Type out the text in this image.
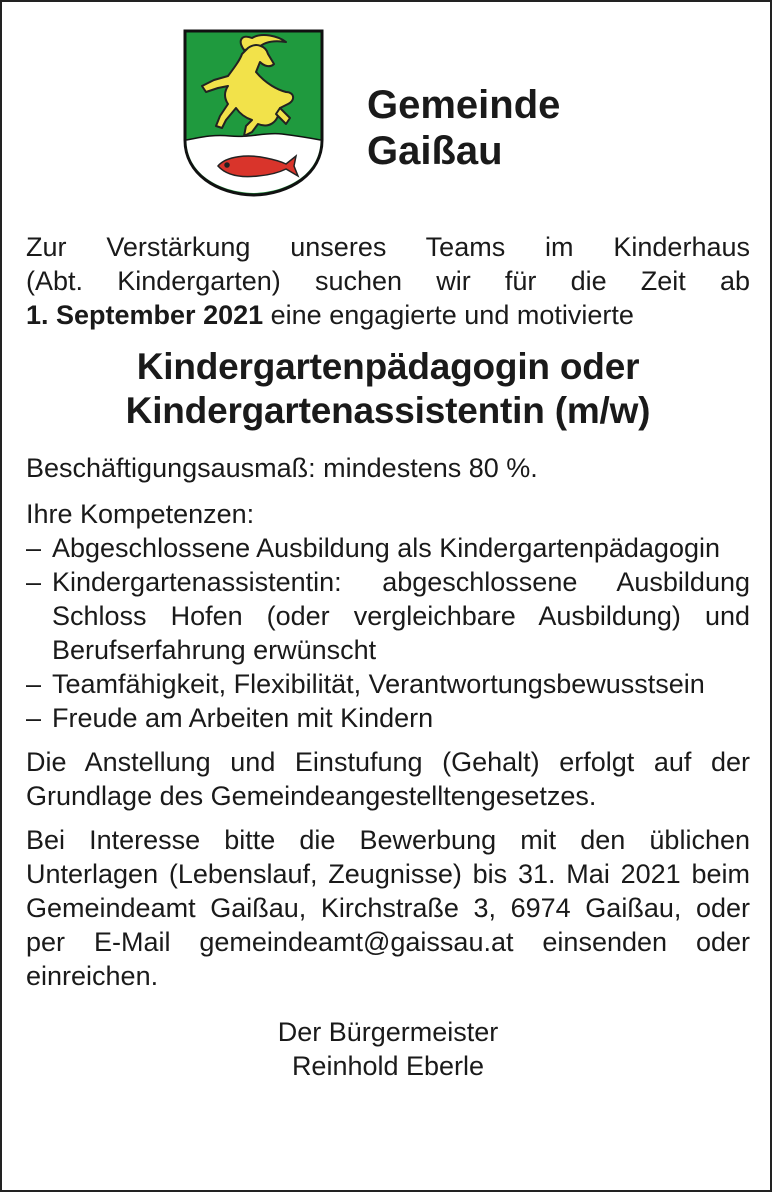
Gemeinde
Gaißau
Zur Verstärkung unseres Teams im Kinderhaus
(Abt. Kindergarten) suchen wir für die Zeit ab
1. September 2021 eine engagierte und motivierte
Kindergartenpädagogin oder
Kindergartenassistentin (m/w)

Beschäftigungsausmaß: mindestens 80 %.

Ihre Kompetenzen:

– Abgeschlossene Ausbildung als Kindergartenpädagogin
– Kindergartenassistentin: abgeschlossene Ausbildung Schloss Hofen (oder vergleichbare Ausbildung) und Berufserfahrung erwünscht
– Teamfähigkeit, Flexibilität, Verantwortungsbewusstsein
– Freude am Arbeiten mit Kindern

Die Anstellung und Einstufung (Gehalt) erfolgt auf der Grundlage des Gemeindeangestelltengesetzes.

Bei Interesse bitte die Bewerbung mit den üblichen Unterlagen (Lebenslauf, Zeugnisse) bis 31. Mai 2021 beim Gemeindeamt Gaißau, Kirchstraße 3, 6974 Gaißau, oder per E-Mail gemeindeamt@gaissau.at einsenden oder einreichen.

Der Bürgermeister
Reinhold Eberle
